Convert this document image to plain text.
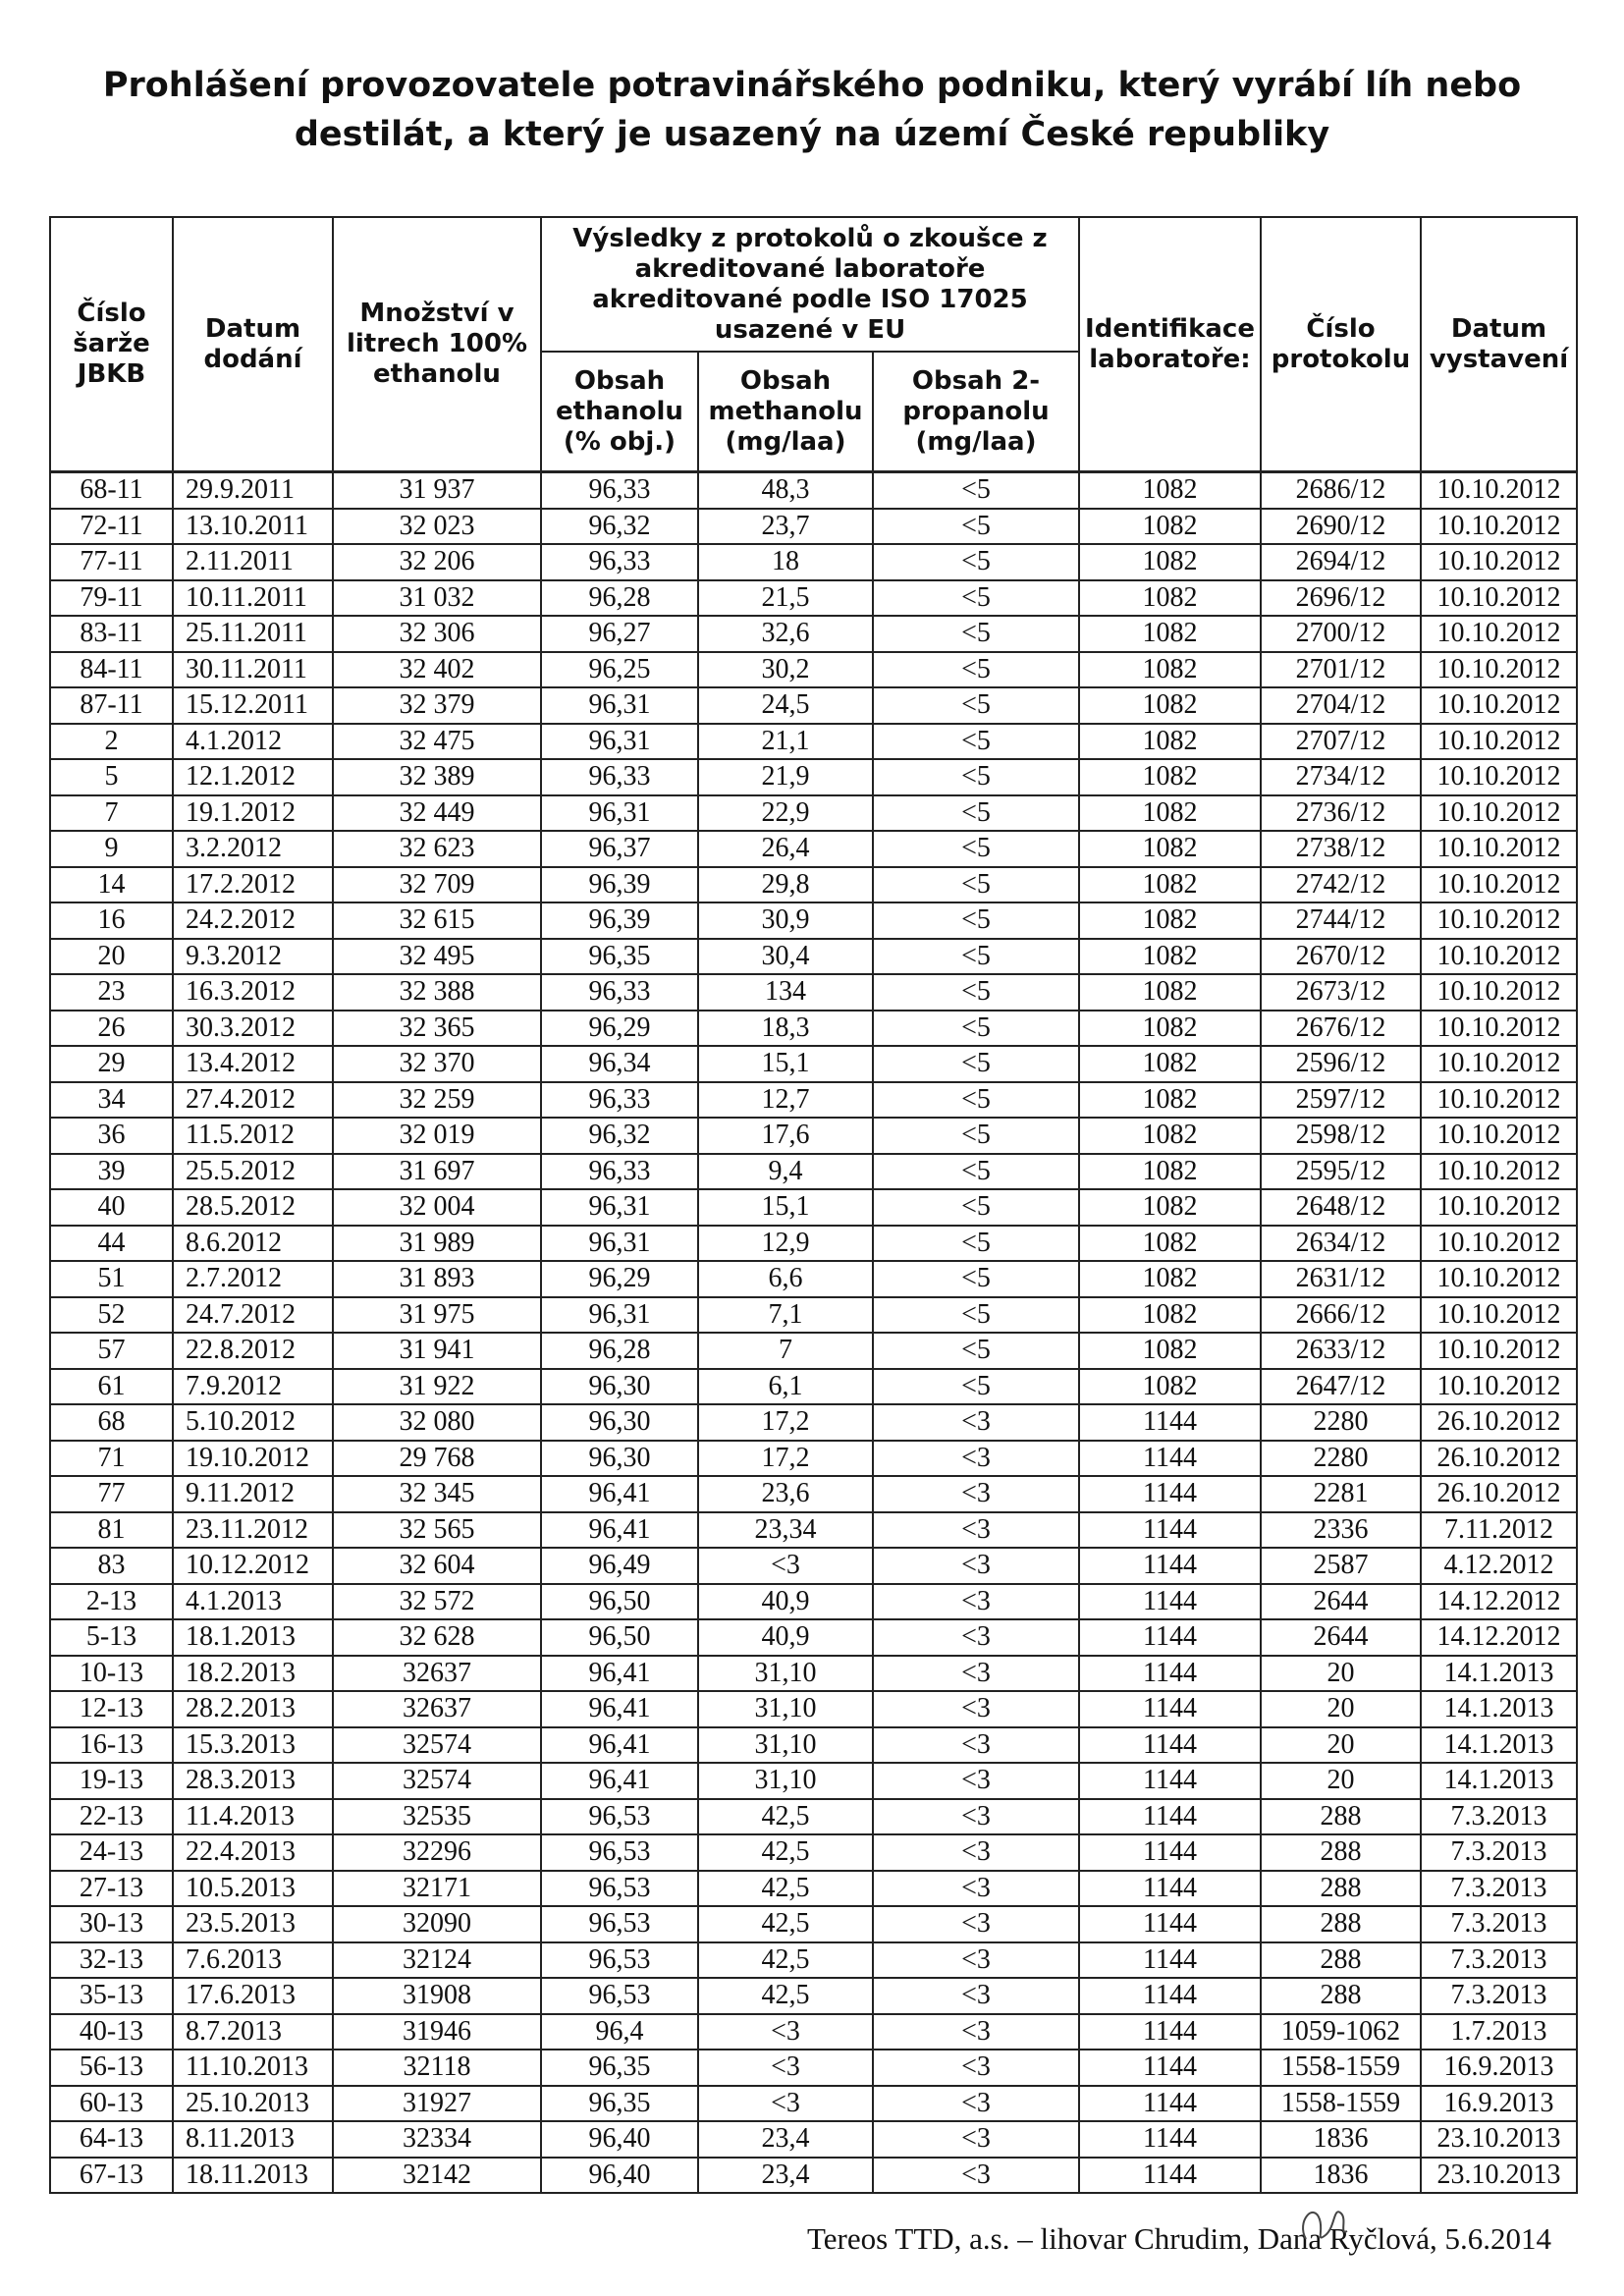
Prohlášení provozovatele potravinářského podniku, který vyrábí líh nebo
destilát, a který je usazený na území České republiky
Číslo šarže JBKB	Datum dodání	Množství v litrech 100% ethanolu	Výsledky z protokolů o zkoušce z akreditované laboratoře akreditované podle ISO 17025 usazené v EU			Identifikace laboratoře:	Číslo protokolu	Datum vystavení
			Obsah ethanolu (% obj.)	Obsah methanolu (mg/laa)	Obsah 2-propanolu (mg/laa)			
68-11	29.9.2011	31 937	96,33	48,3	<5	1082	2686/12	10.10.2012
72-11	13.10.2011	32 023	96,32	23,7	<5	1082	2690/12	10.10.2012
77-11	2.11.2011	32 206	96,33	18	<5	1082	2694/12	10.10.2012
79-11	10.11.2011	31 032	96,28	21,5	<5	1082	2696/12	10.10.2012
83-11	25.11.2011	32 306	96,27	32,6	<5	1082	2700/12	10.10.2012
84-11	30.11.2011	32 402	96,25	30,2	<5	1082	2701/12	10.10.2012
87-11	15.12.2011	32 379	96,31	24,5	<5	1082	2704/12	10.10.2012
2	4.1.2012	32 475	96,31	21,1	<5	1082	2707/12	10.10.2012
5	12.1.2012	32 389	96,33	21,9	<5	1082	2734/12	10.10.2012
7	19.1.2012	32 449	96,31	22,9	<5	1082	2736/12	10.10.2012
9	3.2.2012	32 623	96,37	26,4	<5	1082	2738/12	10.10.2012
14	17.2.2012	32 709	96,39	29,8	<5	1082	2742/12	10.10.2012
16	24.2.2012	32 615	96,39	30,9	<5	1082	2744/12	10.10.2012
20	9.3.2012	32 495	96,35	30,4	<5	1082	2670/12	10.10.2012
23	16.3.2012	32 388	96,33	134	<5	1082	2673/12	10.10.2012
26	30.3.2012	32 365	96,29	18,3	<5	1082	2676/12	10.10.2012
29	13.4.2012	32 370	96,34	15,1	<5	1082	2596/12	10.10.2012
34	27.4.2012	32 259	96,33	12,7	<5	1082	2597/12	10.10.2012
36	11.5.2012	32 019	96,32	17,6	<5	1082	2598/12	10.10.2012
39	25.5.2012	31 697	96,33	9,4	<5	1082	2595/12	10.10.2012
40	28.5.2012	32 004	96,31	15,1	<5	1082	2648/12	10.10.2012
44	8.6.2012	31 989	96,31	12,9	<5	1082	2634/12	10.10.2012
51	2.7.2012	31 893	96,29	6,6	<5	1082	2631/12	10.10.2012
52	24.7.2012	31 975	96,31	7,1	<5	1082	2666/12	10.10.2012
57	22.8.2012	31 941	96,28	7	<5	1082	2633/12	10.10.2012
61	7.9.2012	31 922	96,30	6,1	<5	1082	2647/12	10.10.2012
68	5.10.2012	32 080	96,30	17,2	<3	1144	2280	26.10.2012
71	19.10.2012	29 768	96,30	17,2	<3	1144	2280	26.10.2012
77	9.11.2012	32 345	96,41	23,6	<3	1144	2281	26.10.2012
81	23.11.2012	32 565	96,41	23,34	<3	1144	2336	7.11.2012
83	10.12.2012	32 604	96,49	<3	<3	1144	2587	4.12.2012
2-13	4.1.2013	32 572	96,50	40,9	<3	1144	2644	14.12.2012
5-13	18.1.2013	32 628	96,50	40,9	<3	1144	2644	14.12.2012
10-13	18.2.2013	32637	96,41	31,10	<3	1144	20	14.1.2013
12-13	28.2.2013	32637	96,41	31,10	<3	1144	20	14.1.2013
16-13	15.3.2013	32574	96,41	31,10	<3	1144	20	14.1.2013
19-13	28.3.2013	32574	96,41	31,10	<3	1144	20	14.1.2013
22-13	11.4.2013	32535	96,53	42,5	<3	1144	288	7.3.2013
24-13	22.4.2013	32296	96,53	42,5	<3	1144	288	7.3.2013
27-13	10.5.2013	32171	96,53	42,5	<3	1144	288	7.3.2013
30-13	23.5.2013	32090	96,53	42,5	<3	1144	288	7.3.2013
32-13	7.6.2013	32124	96,53	42,5	<3	1144	288	7.3.2013
35-13	17.6.2013	31908	96,53	42,5	<3	1144	288	7.3.2013
40-13	8.7.2013	31946	96,4	<3	<3	1144	1059-1062	1.7.2013
56-13	11.10.2013	32118	96,35	<3	<3	1144	1558-1559	16.9.2013
60-13	25.10.2013	31927	96,35	<3	<3	1144	1558-1559	16.9.2013
64-13	8.11.2013	32334	96,40	23,4	<3	1144	1836	23.10.2013
67-13	18.11.2013	32142	96,40	23,4	<3	1144	1836	23.10.2013
Tereos TTD, a.s. – lihovar Chrudim, Dana Ryčlová, 5.6.2014
